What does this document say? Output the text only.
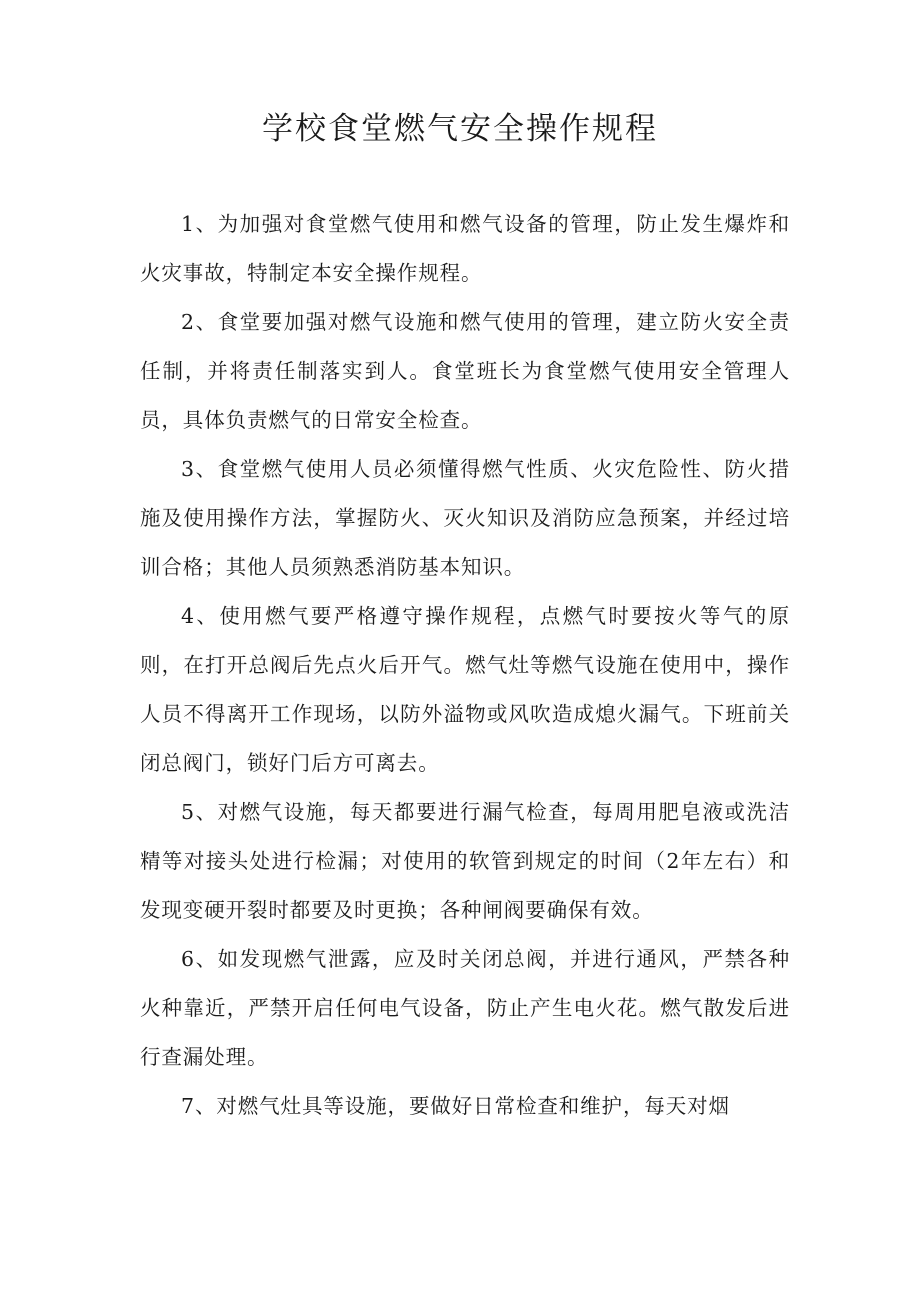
学校食堂燃气安全操作规程

1、为加强对食堂燃气使用和燃气设备的管理，防止发生爆炸和火灾事故，特制定本安全操作规程。

2、食堂要加强对燃气设施和燃气使用的管理，建立防火安全责任制，并将责任制落实到人。食堂班长为食堂燃气使用安全管理人员，具体负责燃气的日常安全检查。

3、食堂燃气使用人员必须懂得燃气性质、火灾危险性、防火措施及使用操作方法，掌握防火、灭火知识及消防应急预案，并经过培训合格；其他人员须熟悉消防基本知识。

4、使用燃气要严格遵守操作规程，点燃气时要按火等气的原则，在打开总阀后先点火后开气。燃气灶等燃气设施在使用中，操作人员不得离开工作现场，以防外溢物或风吹造成熄火漏气。下班前关闭总阀门，锁好门后方可离去。

5、对燃气设施，每天都要进行漏气检查，每周用肥皂液或洗洁精等对接头处进行检漏；对使用的软管到规定的时间（2年左右）和发现变硬开裂时都要及时更换；各种闸阀要确保有效。

6、如发现燃气泄露，应及时关闭总阀，并进行通风，严禁各种火种靠近，严禁开启任何电气设备，防止产生电火花。燃气散发后进行查漏处理。

7、对燃气灶具等设施，要做好日常检查和维护，每天对烟
